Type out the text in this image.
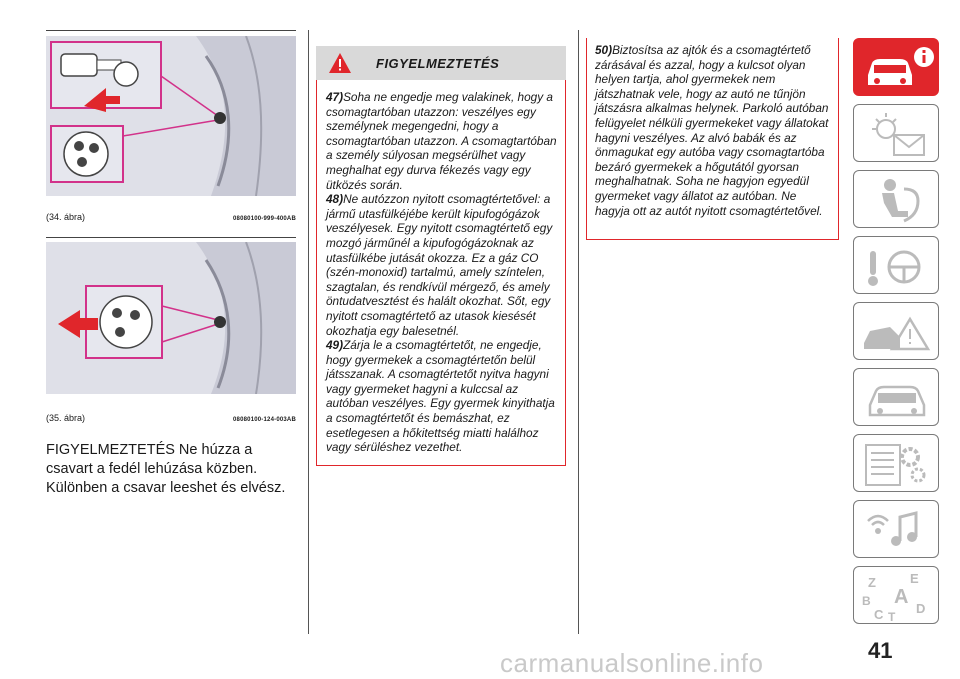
(34. ábra)	08080100-999-400AB
(35. ábra)	08080100-124-003AB

FIGYELMEZTETÉS Ne húzza a csavart a fedél lehúzása közben. Különben a csavar leeshet és elvész.

FIGYELMEZTETÉS

47)Soha ne engedje meg valakinek, hogy a csomagtartóban utazzon: veszélyes egy személynek megengedni, hogy a csomagtartóban utazzon. A csomagtartóban a személy súlyosan megsérülhet vagy meghalhat egy durva fékezés vagy egy ütközés során.

48)Ne autózzon nyitott csomagtértetővel: a jármű utasfülkéjébe került kipufogógázok veszélyesek. Egy nyitott csomagtértető egy mozgó járműnél a kipufogógázoknak az utasfülkébe jutását okozza. Ez a gáz CO (szén-monoxid) tartalmú, amely színtelen, szagtalan, és rendkívül mérgező, és amely öntudatvesztést és halált okozhat. Sőt, egy nyitott csomagtértető az utasok kiesését okozhatja egy balesetnél.

49)Zárja le a csomagtértetőt, ne engedje, hogy gyermekek a csomagtértetőn belül játsszanak. A csomagtértetőt nyitva hagyni vagy gyermeket hagyni a kulccsal az autóban veszélyes. Egy gyermek kinyithatja a csomagtértetőt és bemászhat, ez esetlegesen a hőkitettség miatti halálhoz vagy sérüléshez vezethet.

50)Biztosítsa az ajtók és a csomagtértető zárásával és azzal, hogy a kulcsot olyan helyen tartja, ahol gyermekek nem játszhatnak vele, hogy az autó ne tűnjön játszásra alkalmas helynek. Parkoló autóban felügyelet nélküli gyermekeket vagy állatokat hagyni veszélyes. Az alvó babák és az önmagukat egy autóba vagy csomagtartóba bezáró gyermekek a hőgutától gyorsan meghalhatnak. Soha ne hagyjon egyedül gyermeket vagy állatot az autóban. Ne hagyja ott az autót nyitott csomagtértetővel.

Z	E
B A
C T
D
41
carmanualsonline.info
